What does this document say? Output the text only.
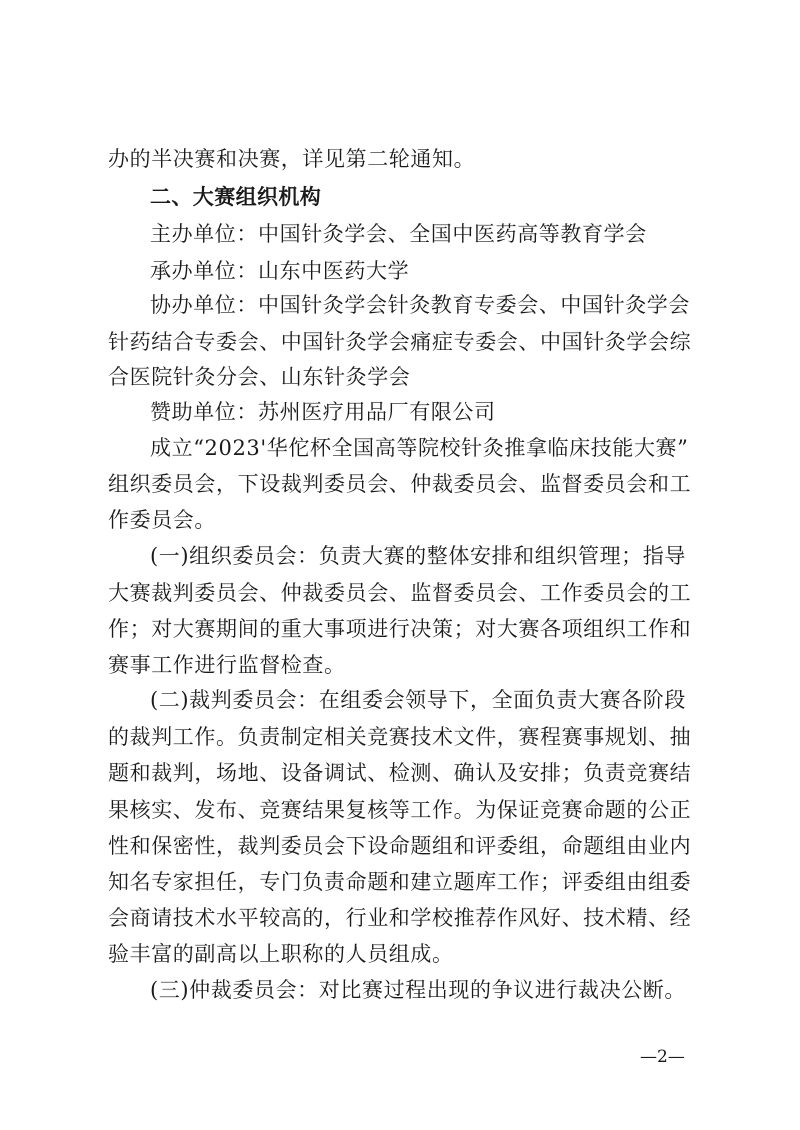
办的半决赛和决赛，详见第二轮通知。
二、大赛组织机构
主办单位：中国针灸学会、全国中医药高等教育学会
承办单位：山东中医药大学
协办单位：中国针灸学会针灸教育专委会、中国针灸学会
针药结合专委会、中国针灸学会痛症专委会、中国针灸学会综
合医院针灸分会、山东针灸学会
赞助单位：苏州医疗用品厂有限公司
成立“2023'华佗杯全国高等院校针灸推拿临床技能大赛”
组织委员会，下设裁判委员会、仲裁委员会、监督委员会和工
作委员会。
(一)组织委员会：负责大赛的整体安排和组织管理；指导
大赛裁判委员会、仲裁委员会、监督委员会、工作委员会的工
作；对大赛期间的重大事项进行决策；对大赛各项组织工作和
赛事工作进行监督检查。
(二)裁判委员会：在组委会领导下，全面负责大赛各阶段
的裁判工作。负责制定相关竞赛技术文件，赛程赛事规划、抽
题和裁判，场地、设备调试、检测、确认及安排；负责竞赛结
果核实、发布、竞赛结果复核等工作。为保证竞赛命题的公正
性和保密性，裁判委员会下设命题组和评委组，命题组由业内
知名专家担任，专门负责命题和建立题库工作；评委组由组委
会商请技术水平较高的，行业和学校推荐作风好、技术精、经
验丰富的副高以上职称的人员组成。
(三)仲裁委员会：对比赛过程出现的争议进行裁决公断。
—2—
